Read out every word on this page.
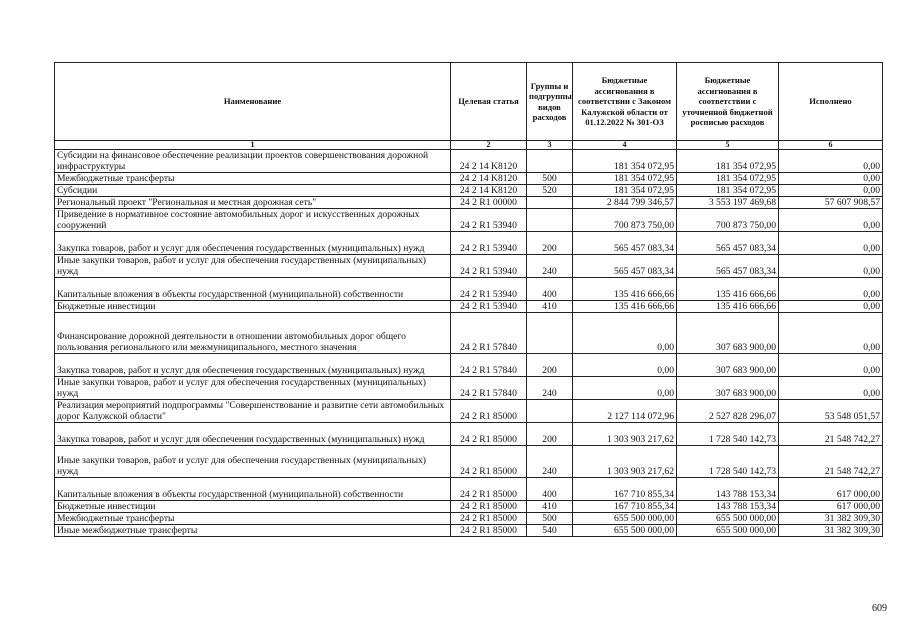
Наименование	Целевая статья	Группы и подгруппы видов расходов	Бюджетные ассигнования в соответствии с Законом Калужской области от 01.12.2022 № 301-ОЗ	Бюджетные ассигнования в соответствии с уточненной бюджетной росписью расходов	Исполнено
1	2	3	4	5	6
Субсидии на финансовое обеспечение реализации проектов совершенствования дорожной инфраструктуры	24 2 14 K8120		181 354 072,95	181 354 072,95	0,00
Межбюджетные трансферты	24 2 14 K8120	500	181 354 072,95	181 354 072,95	0,00
Субсидии	24 2 14 K8120	520	181 354 072,95	181 354 072,95	0,00
Региональный проект "Региональная и местная дорожная сеть"	24 2 R1 00000		2 844 799 346,57	3 553 197 469,68	57 607 908,57
Приведение в нормативное состояние автомобильных дорог и искусственных дорожных сооружений	24 2 R1 53940		700 873 750,00	700 873 750,00	0,00
Закупка товаров, работ и услуг для обеспечения государственных (муниципальных) нужд	24 2 R1 53940	200	565 457 083,34	565 457 083,34	0,00
Иные закупки товаров, работ и услуг для обеспечения государственных (муниципальных) нужд	24 2 R1 53940	240	565 457 083,34	565 457 083,34	0,00
Капитальные вложения в объекты государственной (муниципальной) собственности	24 2 R1 53940	400	135 416 666,66	135 416 666,66	0,00
Бюджетные инвестиции	24 2 R1 53940	410	135 416 666,66	135 416 666,66	0,00
Финансирование дорожной деятельности в отношении автомобильных дорог общего пользования регионального или межмуниципального, местного значения	24 2 R1 57840		0,00	307 683 900,00	0,00
Закупка товаров, работ и услуг для обеспечения государственных (муниципальных) нужд	24 2 R1 57840	200	0,00	307 683 900,00	0,00
Иные закупки товаров, работ и услуг для обеспечения государственных (муниципальных) нужд	24 2 R1 57840	240	0,00	307 683 900,00	0,00
Реализация мероприятий подпрограммы "Совершенствование и развитие сети автомобильных дорог Калужской области"	24 2 R1 85000		2 127 114 072,96	2 527 828 296,07	53 548 051,57
Закупка товаров, работ и услуг для обеспечения государственных (муниципальных) нужд	24 2 R1 85000	200	1 303 903 217,62	1 728 540 142,73	21 548 742,27
Иные закупки товаров, работ и услуг для обеспечения государственных (муниципальных) нужд	24 2 R1 85000	240	1 303 903 217,62	1 728 540 142,73	21 548 742,27
Капитальные вложения в объекты государственной (муниципальной) собственности	24 2 R1 85000	400	167 710 855,34	143 788 153,34	617 000,00
Бюджетные инвестиции	24 2 R1 85000	410	167 710 855,34	143 788 153,34	617 000,00
Межбюджетные трансферты	24 2 R1 85000	500	655 500 000,00	655 500 000,00	31 382 309,30
Иные межбюджетные трансферты	24 2 R1 85000	540	655 500 000,00	655 500 000,00	31 382 309,30
609
